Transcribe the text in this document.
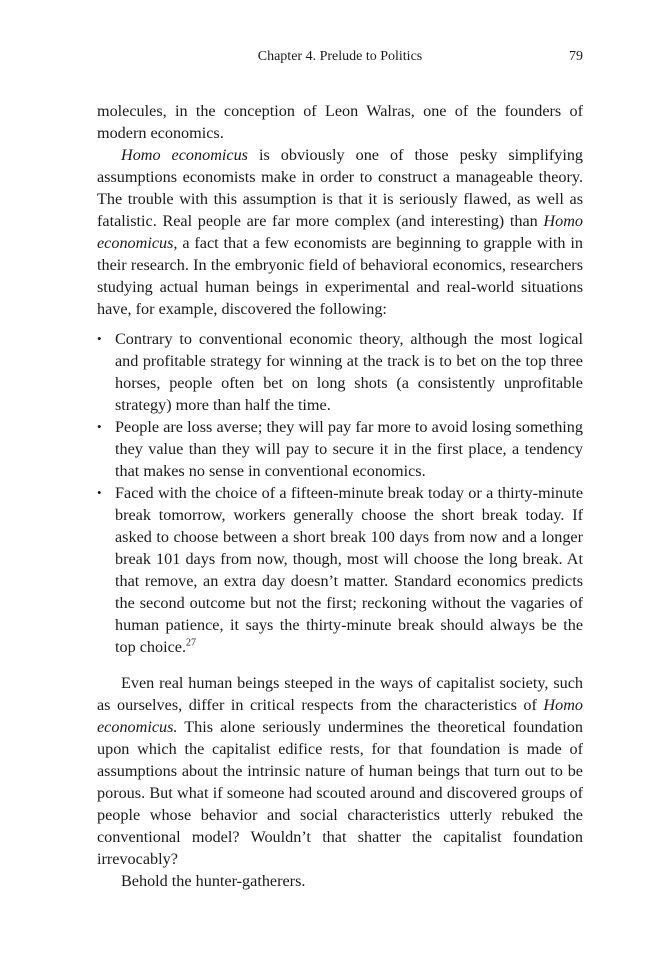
Chapter 4. Prelude to Politics	79

molecules, in the conception of Leon Walras, one of the founders of modern economics.

Homo economicus is obviously one of those pesky simplifying assumptions economists make in order to construct a manageable theory. The trouble with this assumption is that it is seriously flawed, as well as fatalistic. Real people are far more complex (and interesting) than Homo economicus, a fact that a few economists are beginning to grapple with in their research. In the embryonic field of behavioral economics, researchers studying actual human beings in experimental and real-world situations have, for example, discovered the following:

• Contrary to conventional economic theory, although the most logical and profitable strategy for winning at the track is to bet on the top three horses, people often bet on long shots (a consistently unprofitable strategy) more than half the time.
• People are loss averse; they will pay far more to avoid losing something they value than they will pay to secure it in the first place, a tendency that makes no sense in conventional economics.
• Faced with the choice of a fifteen-minute break today or a thirty-minute break tomorrow, workers generally choose the short break today. If asked to choose between a short break 100 days from now and a longer break 101 days from now, though, most will choose the long break. At that remove, an extra day doesn’t matter. Standard economics predicts the second outcome but not the first; reckoning without the vagaries of human patience, it says the thirty-minute break should always be the top choice.$^{27}$

Even real human beings steeped in the ways of capitalist society, such as ourselves, differ in critical respects from the characteristics of Homo economicus. This alone seriously undermines the theoretical foundation upon which the capitalist edifice rests, for that foundation is made of assumptions about the intrinsic nature of human beings that turn out to be porous. But what if someone had scouted around and discovered groups of people whose behavior and social characteristics utterly rebuked the conventional model? Wouldn’t that shatter the capitalist foundation irrevocably?

Behold the hunter-gatherers.
